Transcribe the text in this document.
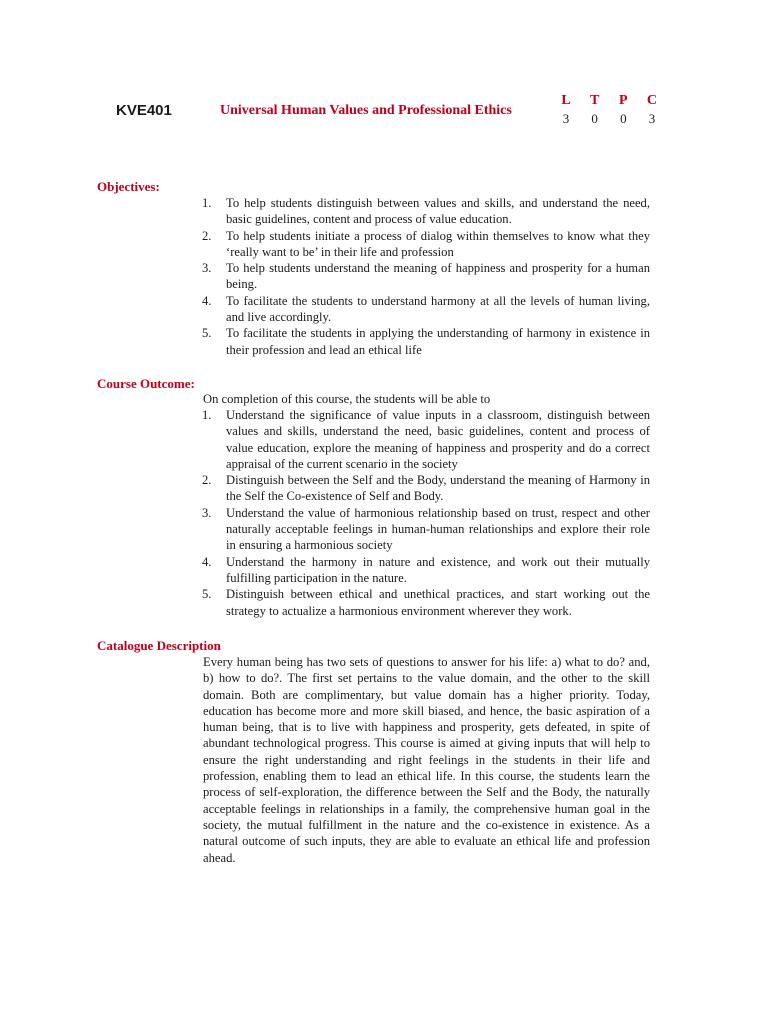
KVE401	Universal Human Values and Professional Ethics
L T P C
3 0 0 3
Objectives:
1.	To help students distinguish between values and skills, and understand the need, basic guidelines, content and process of value education.
2.	To help students initiate a process of dialog within themselves to know what they ‘really want to be’ in their life and profession
3.	To help students understand the meaning of happiness and prosperity for a human being.
4.	To facilitate the students to understand harmony at all the levels of human living, and live accordingly.
5.	To facilitate the students in applying the understanding of harmony in existence in their profession and lead an ethical life
Course Outcome:
On completion of this course, the students will be able to
1.	Understand the significance of value inputs in a classroom, distinguish between values and skills, understand the need, basic guidelines, content and process of value education, explore the meaning of happiness and prosperity and do a correct appraisal of the current scenario in the society
2.	Distinguish between the Self and the Body, understand the meaning of Harmony in the Self the Co-existence of Self and Body.
3.	Understand the value of harmonious relationship based on trust, respect and other naturally acceptable feelings in human-human relationships and explore their role in ensuring a harmonious society
4.	Understand the harmony in nature and existence, and work out their mutually fulfilling participation in the nature.
5.	Distinguish between ethical and unethical practices, and start working out the strategy to actualize a harmonious environment wherever they work.
Catalogue Description
Every human being has two sets of questions to answer for his life: a) what to do? and, b) how to do?. The first set pertains to the value domain, and the other to the skill domain. Both are complimentary, but value domain has a higher priority. Today, education has become more and more skill biased, and hence, the basic aspiration of a human being, that is to live with happiness and prosperity, gets defeated, in spite of abundant technological progress. This course is aimed at giving inputs that will help to ensure the right understanding and right feelings in the students in their life and profession, enabling them to lead an ethical life. In this course, the students learn the process of self-exploration, the difference between the Self and the Body, the naturally acceptable feelings in relationships in a family, the comprehensive human goal in the society, the mutual fulfillment in the nature and the co-existence in existence. As a natural outcome of such inputs, they are able to evaluate an ethical life and profession ahead.
